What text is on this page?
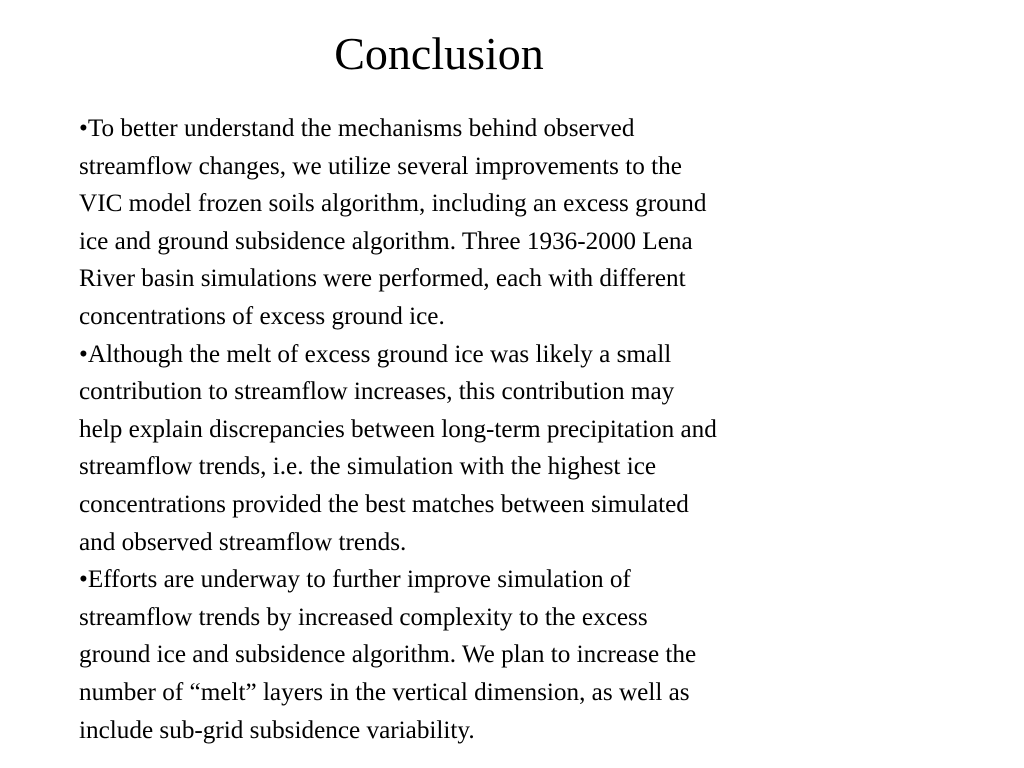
Conclusion

•To better understand the mechanisms behind observed
streamflow changes, we utilize several improvements to the
VIC model frozen soils algorithm, including an excess ground
ice and ground subsidence algorithm. Three 1936-2000 Lena
River basin simulations were performed, each with different
concentrations of excess ground ice.

•Although the melt of excess ground ice was likely a small
contribution to streamflow increases, this contribution may
help explain discrepancies between long-term precipitation and
streamflow trends, i.e. the simulation with the highest ice
concentrations provided the best matches between simulated
and observed streamflow trends.

•Efforts are underway to further improve simulation of
streamflow trends by increased complexity to the excess
ground ice and subsidence algorithm. We plan to increase the
number of “melt” layers in the vertical dimension, as well as
include sub-grid subsidence variability.
